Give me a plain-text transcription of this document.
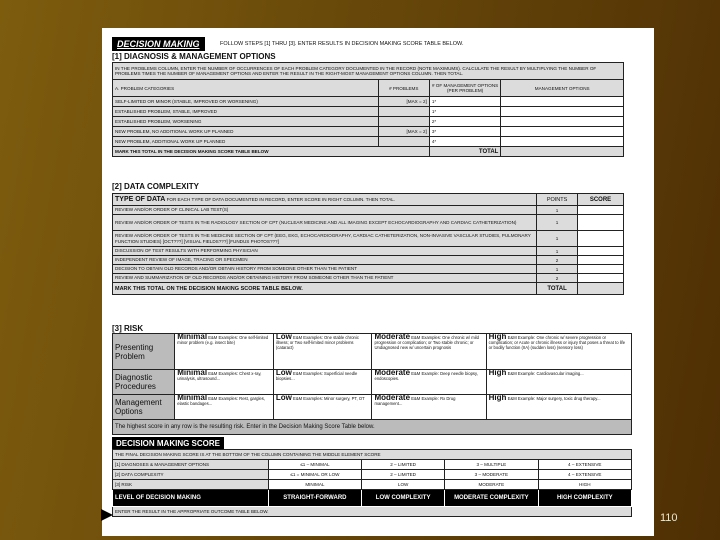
DECISION MAKING	FOLLOW STEPS [1] THRU [3]. ENTER RESULTS IN DECISION MAKING SCORE TABLE BELOW.
[1] DIAGNOSIS & MANAGEMENT OPTIONS
IN THE PROBLEMS COLUMN, ENTER THE NUMBER OF OCCURRENCES OF EACH PROBLEM CATEGORY DOCUMENTED IN THE RECORD (NOTE MAXIMUMS). CALCULATE THE RESULT BY MULTIPLYING THE NUMBER OF PROBLEMS TIMES THE NUMBER OF MANAGEMENT OPTIONS AND ENTER THE RESULT IN THE RIGHT-MOST MANAGEMENT OPTIONS COLUMN. THEN TOTAL.			
A. PROBLEM CATEGORIES	# PROBLEMS	# OF MANAGEMENT OPTIONS (PER PROBLEM)	MANAGEMENT OPTIONS
SELF-LIMITED OR MINOR (STABLE, IMPROVED OR WORSENING)	[MAX = 2]	1*	
ESTABLISHED PROBLEM, STABLE, IMPROVED		1*	
ESTABLISHED PROBLEM, WORSENING		2*	
NEW PROBLEM, NO ADDITIONAL WORK UP PLANNED	[MAX = 2]	3*	
NEW PROBLEM, ADDITIONAL WORK UP PLANNED		4*	
MARK THIS TOTAL IN THE DECISION MAKING SCORE TABLE BELOW		TOTAL	
[2] DATA COMPLEXITY
TYPE OF DATA FOR EACH TYPE OF DATA DOCUMENTED IN RECORD, ENTER SCORE IN RIGHT COLUMN. THEN TOTAL.	POINTS	SCORE
REVIEW AND/OR ORDER OF CLINICAL LAB TEST(S)	1	
REVIEW AND/OR ORDER OF TESTS IN THE RADIOLOGY SECTION OF CPT (NUCLEAR MEDICINE AND ALL IMAGING EXCEPT ECHOCARDIOGRAPHY AND CARDIAC CATHETERIZATION)	1	
REVIEW AND/OR ORDER OF TESTS IN THE MEDICINE SECTION OF CPT (EEG, EKG, ECHOCARDIOGRAPHY, CARDIAC CATHETERIZATION, NON-INVASIVE VASCULAR STUDIES, PULMONARY FUNCTION STUDIES) [OCT???] [VISUAL FIELDS???] [FUNDUS PHOTOS???]	1	
DISCUSSION OF TEST RESULTS WITH PERFORMING PHYSICIAN	1	
INDEPENDENT REVIEW OF IMAGE, TRACING OR SPECIMEN	2	
DECISION TO OBTAIN OLD RECORDS AND/OR OBTAIN HISTORY FROM SOMEONE OTHER THAN THE PATIENT	1	
REVIEW AND SUMMARIZATION OF OLD RECORDS AND/OR OBTAINING HISTORY FROM SOMEONE OTHER THAN THE PATIENT	2	
MARK THIS TOTAL ON THE DECISION MAKING SCORE TABLE BELOW.	TOTAL	
[3] RISK
Presenting Problem	Minimal E&M Examples: One self-limited minor problem (e.g. insect bite)	Low E&M Examples: One stable chronic illness; or Two self-limited minor problems (cataract)	Moderate E&M Examples: One chronic w/ mild progression or complication; or Two stable chronic; or Undiagnosed new w/ uncertain prognosis	High E&M Example: One chronic w/ severe progression or complication; or Acute or chronic illness or injury that poses a threat to life or bodily function (IIA) (sudden loss) (sensory loss)
Diagnostic Procedures	Minimal E&M Examples: Chest x-ray, urinalysis, ultrasound...	Low E&M Examples: Superficial needle biopsies...	Moderate E&M Example: Deep needle biopsy, endoscopies.	High E&M Example: Cardiovascular imaging...
Management Options	Minimal E&M Examples: Rest, gargles, elastic bandages...	Low E&M Examples: Minor surgery, PT, OT	Moderate E&M Example: Rx Drug management...	High E&M Example: Major surgery, toxic drug therapy...
The highest score in any row is the resulting risk. Enter in the Decision Making Score Table below.				
DECISION MAKING SCORE
THE FINAL DECISION MAKING SCORE IS AT THE BOTTOM OF THE COLUMN CONTAINING THE MIDDLE ELEMENT SCORE				
[1] DIAGNOSES & MANAGEMENT OPTIONS	≤1 – MINIMAL	2 – LIMITED	3 – MULTIPLE	4 – EXTENSIVE
[2] DATA COMPLEXITY	≤1 = MINIMAL OR LOW	2 – LIMITED	3 – MODERATE	4 – EXTENSIVE
[3] RISK	MINIMAL	LOW	MODERATE	HIGH
LEVEL OF DECISION MAKING	STRAIGHT-FORWARD	LOW COMPLEXITY	MODERATE COMPLEXITY	HIGH COMPLEXITY
ENTER THE RESULT IN THE APPROPRIATE OUTCOME TABLE BELOW.				
110
